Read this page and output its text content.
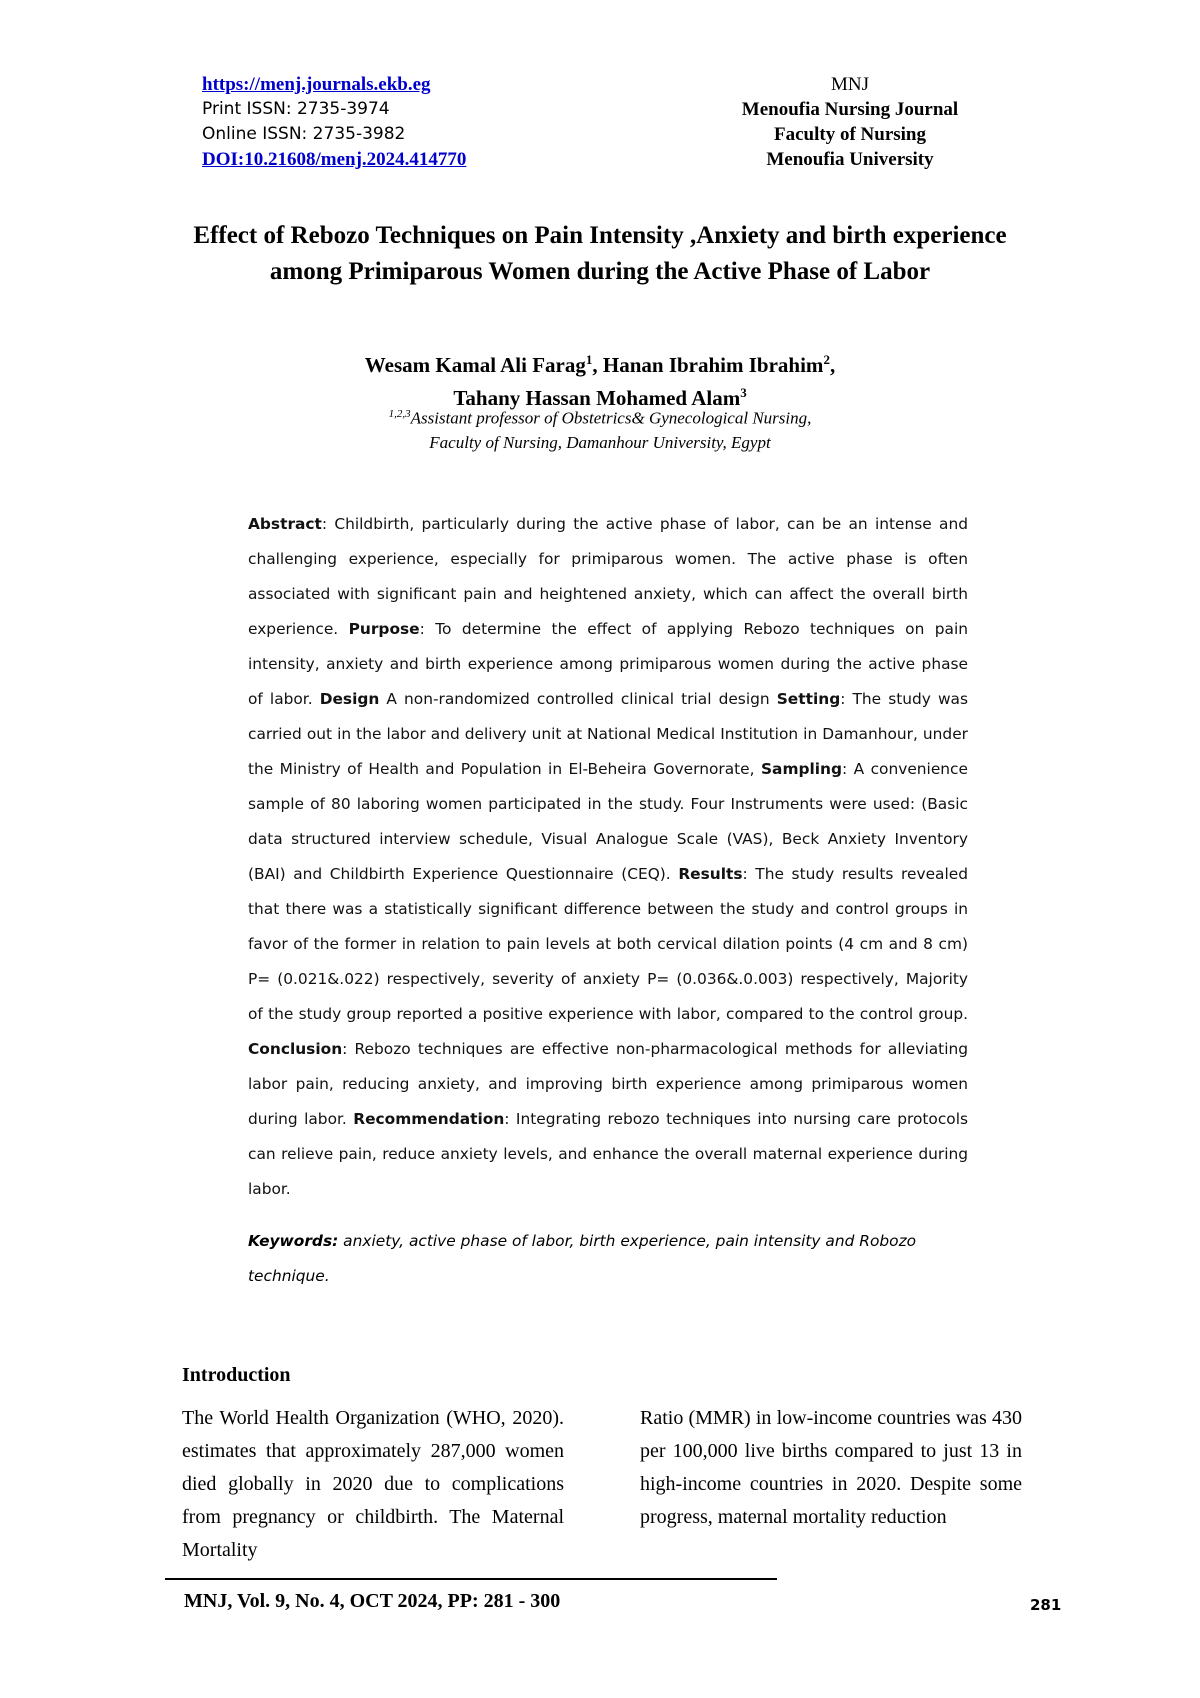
https://menj.journals.ekb.eg
Print ISSN: 2735-3974
Online ISSN: 2735-3982
DOI:10.21608/menj.2024.414770
MNJ
Menoufia Nursing Journal
Faculty of Nursing
Menoufia University
Effect of Rebozo Techniques on Pain Intensity ,Anxiety and birth experience among Primiparous Women during the Active Phase of Labor
Wesam Kamal Ali Farag$^1$, Hanan Ibrahim Ibrahim$^2$,
Tahany Hassan Mohamed Alam$^3$
$^{1,2,3}$Assistant professor of Obstetrics& Gynecological Nursing,
Faculty of Nursing, Damanhour University, Egypt
Abstract: Childbirth, particularly during the active phase of labor, can be an intense and challenging experience, especially for primiparous women. The active phase is often associated with significant pain and heightened anxiety, which can affect the overall birth experience. Purpose: To determine the effect of applying Rebozo techniques on pain intensity, anxiety and birth experience among primiparous women during the active phase of labor. Design A non-randomized controlled clinical trial design Setting: The study was carried out in the labor and delivery unit at National Medical Institution in Damanhour, under the Ministry of Health and Population in El-Beheira Governorate, Sampling: A convenience sample of 80 laboring women participated in the study. Four Instruments were used: (Basic data structured interview schedule, Visual Analogue Scale (VAS), Beck Anxiety Inventory (BAI) and Childbirth Experience Questionnaire (CEQ). Results: The study results revealed that there was a statistically significant difference between the study and control groups in favor of the former in relation to pain levels at both cervical dilation points (4 cm and 8 cm) P= (0.021&.022) respectively, severity of anxiety P= (0.036&.0.003) respectively, Majority of the study group reported a positive experience with labor, compared to the control group. Conclusion: Rebozo techniques are effective non-pharmacological methods for alleviating labor pain, reducing anxiety, and improving birth experience among primiparous women during labor. Recommendation: Integrating rebozo techniques into nursing care protocols can relieve pain, reduce anxiety levels, and enhance the overall maternal experience during labor.
Keywords: anxiety, active phase of labor, birth experience, pain intensity and Robozo technique.
Introduction
The World Health Organization (WHO, 2020). estimates that approximately 287,000 women died globally in 2020 due to complications from pregnancy or childbirth. The Maternal Mortality
Ratio (MMR) in low-income countries was 430 per 100,000 live births compared to just 13 in high-income countries in 2020. Despite some progress, maternal mortality reduction
MNJ, Vol. 9, No. 4, OCT 2024, PP: 281 - 300	281
